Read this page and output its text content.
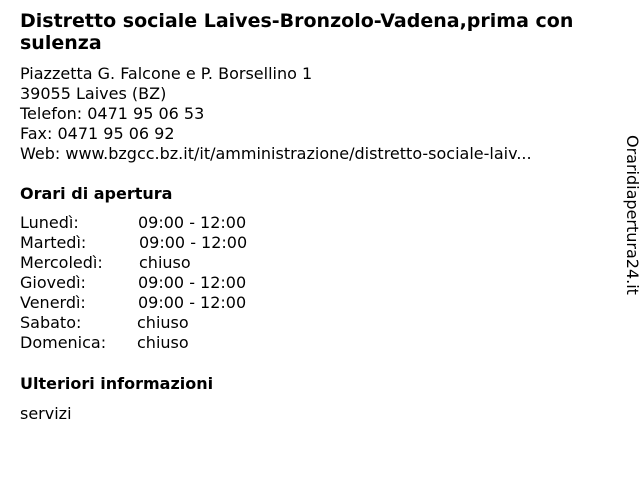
Distretto sociale Laives-Bronzolo-Vadena,prima con sulenza
Piazzetta G. Falcone e P. Borsellino 1
39055 Laives (BZ)
Telefon: 0471 95 06 53
Fax: 0471 95 06 92
Web: www.bzgcc.bz.it/it/amministrazione/distretto-sociale-laiv...
Orari di apertura
Lunedì:	09:00 - 12:00
Martedì:	09:00 - 12:00
Mercoledì: chiuso
Giovedì:	09:00 - 12:00
Venerdì:	09:00 - 12:00
Sabato:	chiuso
Domenica: chiuso
Ulteriori informazioni
servizi
Oraridiapertura24.it
